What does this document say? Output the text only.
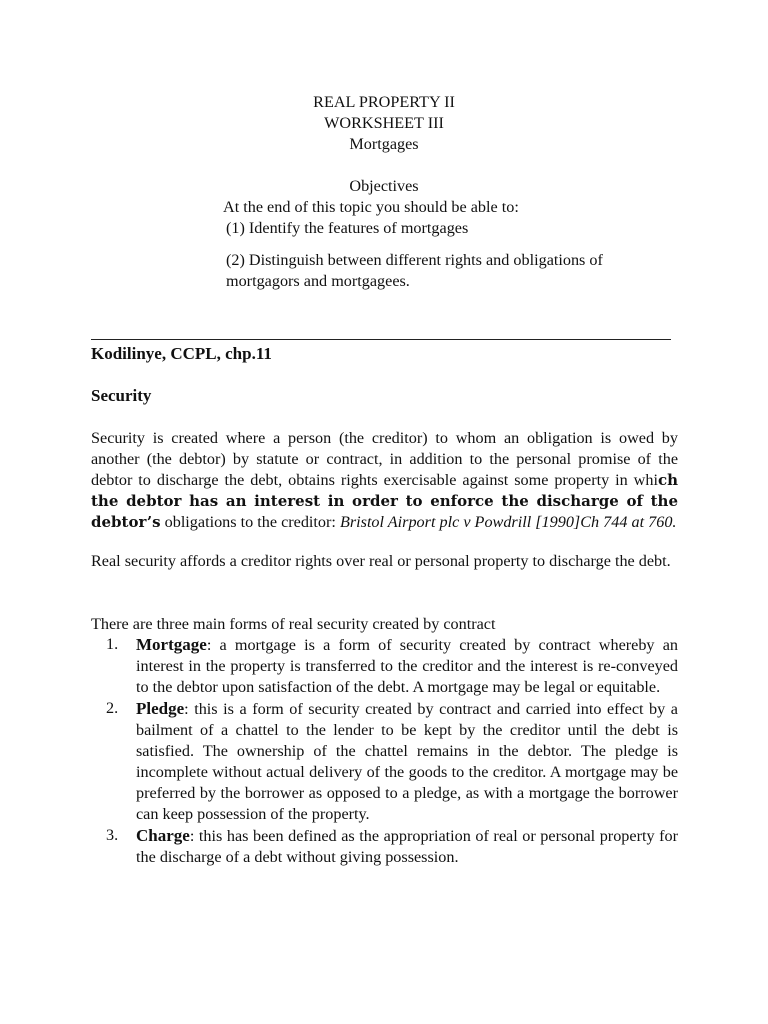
REAL PROPERTY II
WORKSHEET III
Mortgages
Objectives
At the end of this topic you should be able to:
(1) Identify the features of mortgages
(2) Distinguish between different rights and obligations of mortgagors and mortgagees.
Kodilinye, CCPL, chp.11
Security
Security is created where a person (the creditor) to whom an obligation is owed by another (the debtor) by statute or contract, in addition to the personal promise of the debtor to discharge the debt, obtains rights exercisable against some property in which the debtor has an interest in order to enforce the discharge of the debtor’s obligations to the creditor: Bristol Airport plc v Powdrill [1990]Ch 744 at 760.
Real security affords a creditor rights over real or personal property to discharge the debt.
There are three main forms of real security created by contract
1. Mortgage: a mortgage is a form of security created by contract whereby an interest in the property is transferred to the creditor and the interest is re-conveyed to the debtor upon satisfaction of the debt. A mortgage may be legal or equitable.
2. Pledge: this is a form of security created by contract and carried into effect by a bailment of a chattel to the lender to be kept by the creditor until the debt is satisfied. The ownership of the chattel remains in the debtor. The pledge is incomplete without actual delivery of the goods to the creditor. A mortgage may be preferred by the borrower as opposed to a pledge, as with a mortgage the borrower can keep possession of the property.
3. Charge: this has been defined as the appropriation of real or personal property for the discharge of a debt without giving possession.
